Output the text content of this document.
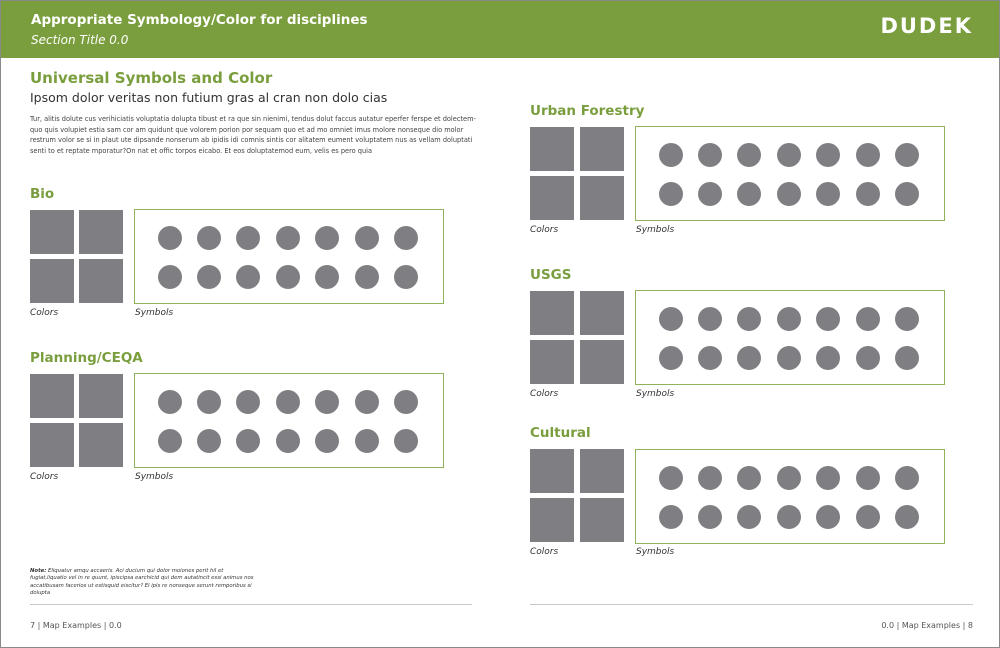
Appropriate Symbology/Color for disciplines
Section Title 0.0
DUDEK
Universal Symbols and Color
Ipsom dolor veritas non futium gras al cran non dolo cias
Tur, alitis dolute cus verihiciatis voluptatia dolupta tibust et ra que sin nienimi, tendus dolut faccus autatur eperfer ferspe et dolectem-quo quis volupiet estia sam cor am quidunt que volorem porion por sequam quo et ad mo omniet imus molore nonseque dio molor restrum volor se si in plaut ute dipsande nonserum ab ipidis idi comnis sintis cor alitatem eument voluptatem nus as vellam doluptati senti to et reptate mporatur?On nat et offic torpos eicabo. Et eos doluptatemod eum, velis es pero quia
Bio
Colors	Symbols
Planning/CEQA
Colors	Symbols
Urban Forestry
Colors	Symbols
USGS
Colors	Symbols
Cultural
Colors	Symbols
Note: Eliquatur amqu accaeris. Aci ducium qui dolor moiones perit hil et fugiat,liquatio vel in re quunt, ipiscipsa earchicid qui dem autatincit essi animus nos accatibusam facerios ut estisquid eiscitur? El ipis re nonseque serunt remporibus si dolupta
7 | Map Examples | 0.0	0.0 | Map Examples | 8
